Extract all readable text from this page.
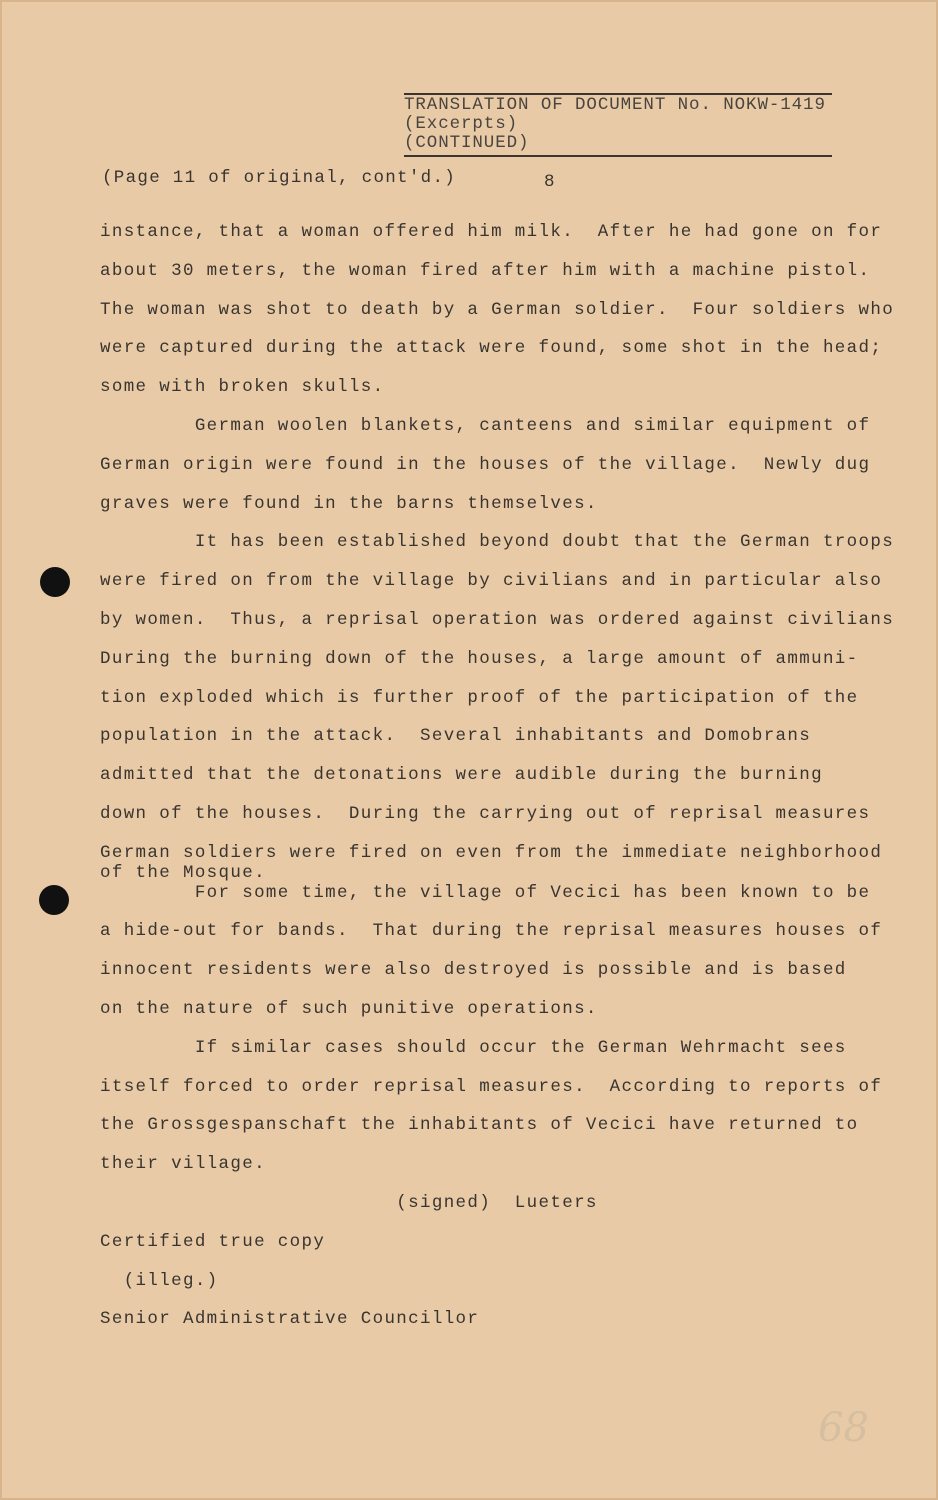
TRANSLATION OF DOCUMENT No. NOKW-1419
(Excerpts)
(CONTINUED)
(Page 11 of original, cont'd.)	8
instance, that a woman offered him milk.  After he had gone on for
about 30 meters, the woman fired after him with a machine pistol.
The woman was shot to death by a German soldier.  Four soldiers who
were captured during the attack were found, some shot in the head;
some with broken skulls.
German woolen blankets, canteens and similar equipment of
German origin were found in the houses of the village.  Newly dug
graves were found in the barns themselves.
It has been established beyond doubt that the German troops
were fired on from the village by civilians and in particular also
by women.  Thus, a reprisal operation was ordered against civilians
During the burning down of the houses, a large amount of ammuni-
tion exploded which is further proof of the participation of the
population in the attack.  Several inhabitants and Domobrans
admitted that the detonations were audible during the burning
down of the houses.  During the carrying out of reprisal measures
German soldiers were fired on even from the immediate neighborhood
of the Mosque.
For some time, the village of Vecici has been known to be
a hide-out for bands.  That during the reprisal measures houses of
innocent residents were also destroyed is possible and is based
on the nature of such punitive operations.
If similar cases should occur the German Wehrmacht sees
itself forced to order reprisal measures.  According to reports of
the Grossgespanschaft the inhabitants of Vecici have returned to
their village.
(signed)  Lueters
Certified true copy
(illeg.)
Senior Administrative Councillor
68
